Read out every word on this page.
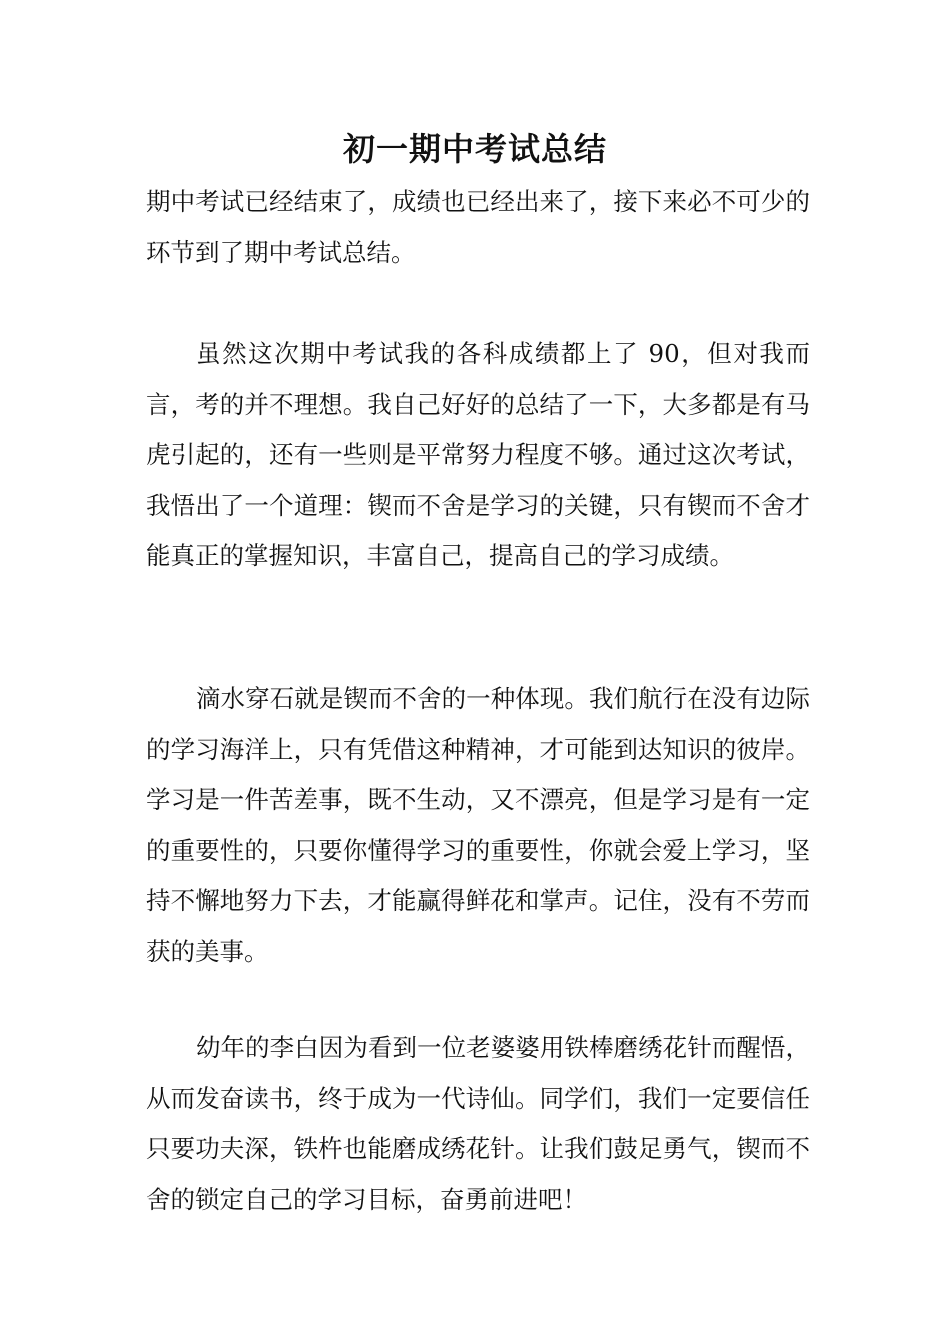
初一期中考试总结

期中考试已经结束了，成绩也已经出来了，接下来必不可少的环节到了期中考试总结。

虽然这次期中考试我的各科成绩都上了 90，但对我而言，考的并不理想。我自己好好的总结了一下，大多都是有马虎引起的，还有一些则是平常努力程度不够。通过这次考试，我悟出了一个道理：锲而不舍是学习的关键，只有锲而不舍才能真正的掌握知识，丰富自己，提高自己的学习成绩。

滴水穿石就是锲而不舍的一种体现。我们航行在没有边际的学习海洋上，只有凭借这种精神，才可能到达知识的彼岸。学习是一件苦差事，既不生动，又不漂亮，但是学习是有一定的重要性的，只要你懂得学习的重要性，你就会爱上学习，坚持不懈地努力下去，才能赢得鲜花和掌声。记住，没有不劳而获的美事。

幼年的李白因为看到一位老婆婆用铁棒磨绣花针而醒悟，从而发奋读书，终于成为一代诗仙。同学们，我们一定要信任只要功夫深，铁杵也能磨成绣花针。让我们鼓足勇气，锲而不舍的锁定自己的学习目标，奋勇前进吧！
